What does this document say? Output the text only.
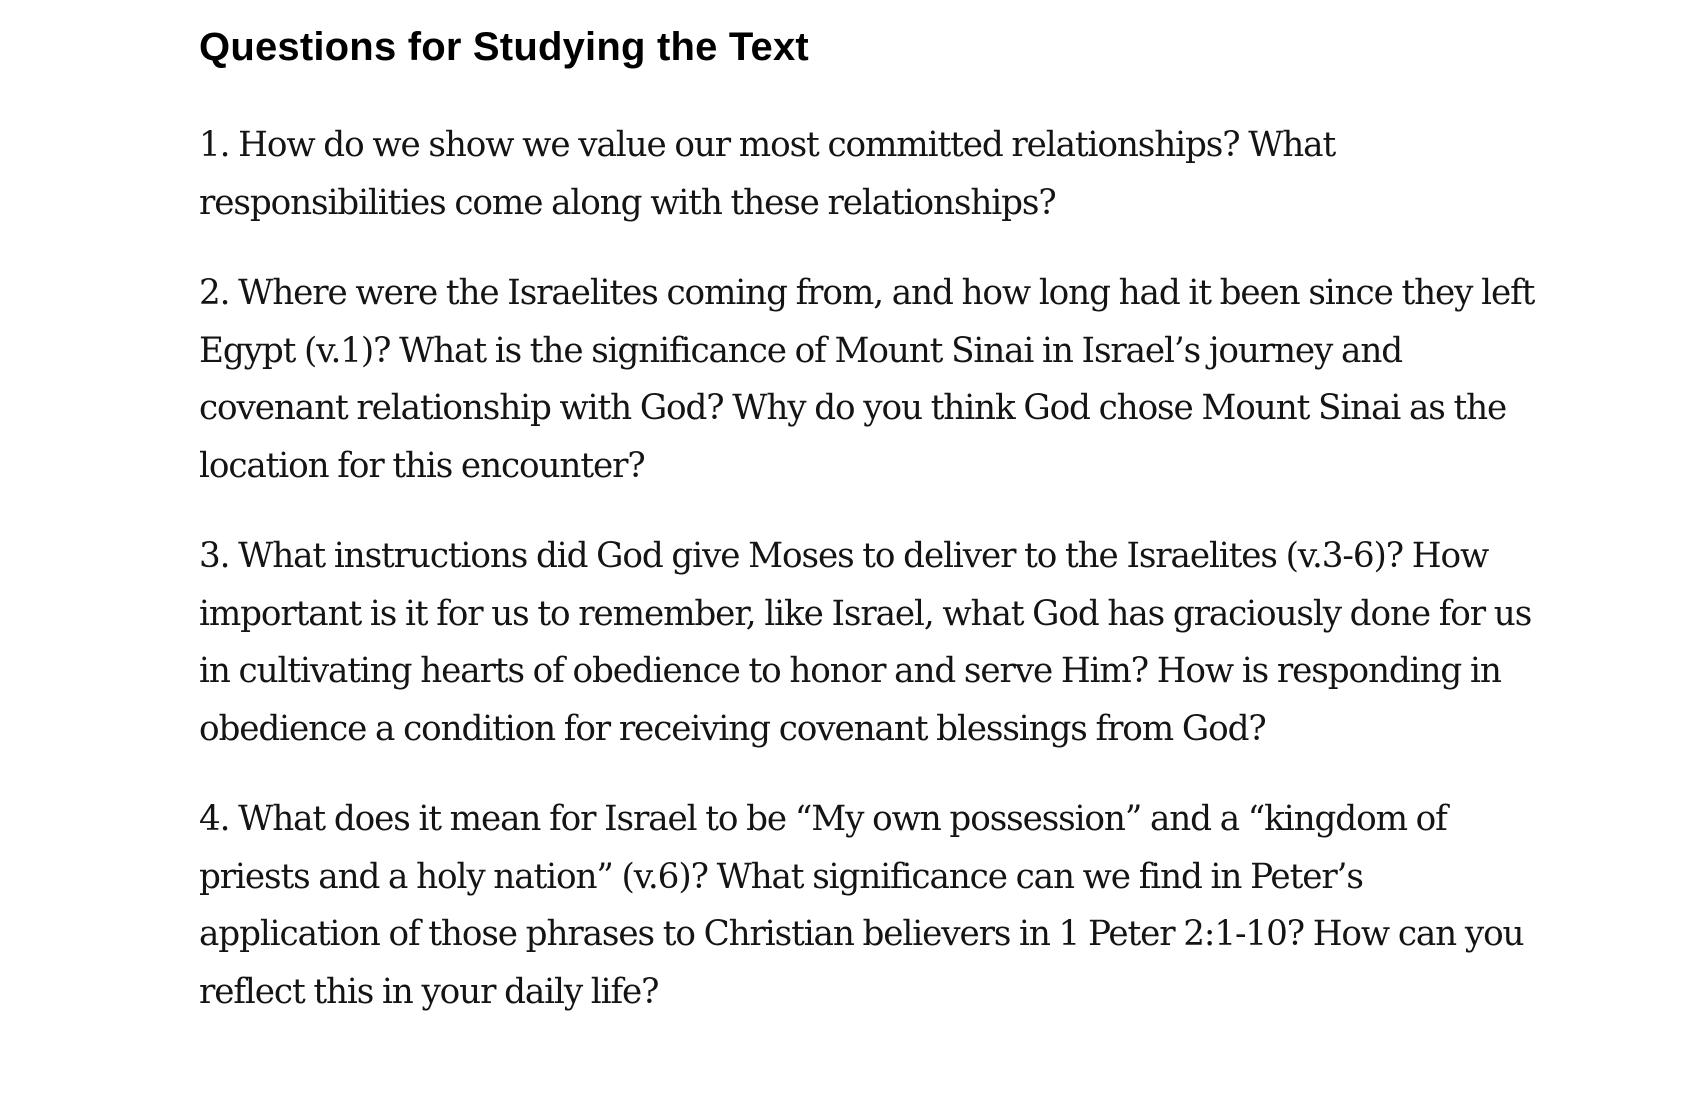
Questions for Studying the Text

1. How do we show we value our most committed relationships? What responsibilities come along with these relationships?

2. Where were the Israelites coming from, and how long had it been since they left Egypt (v.1)? What is the significance of Mount Sinai in Israel’s journey and covenant relationship with God? Why do you think God chose Mount Sinai as the location for this encounter?

3. What instructions did God give Moses to deliver to the Israelites (v.3-6)? How important is it for us to remember, like Israel, what God has graciously done for us in cultivating hearts of obedience to honor and serve Him? How is responding in obedience a condition for receiving covenant blessings from God?

4. What does it mean for Israel to be “My own possession” and a “kingdom of priests and a holy nation” (v.6)? What significance can we find in Peter’s application of those phrases to Christian believers in 1 Peter 2:1-10? How can you reflect this in your daily life?
